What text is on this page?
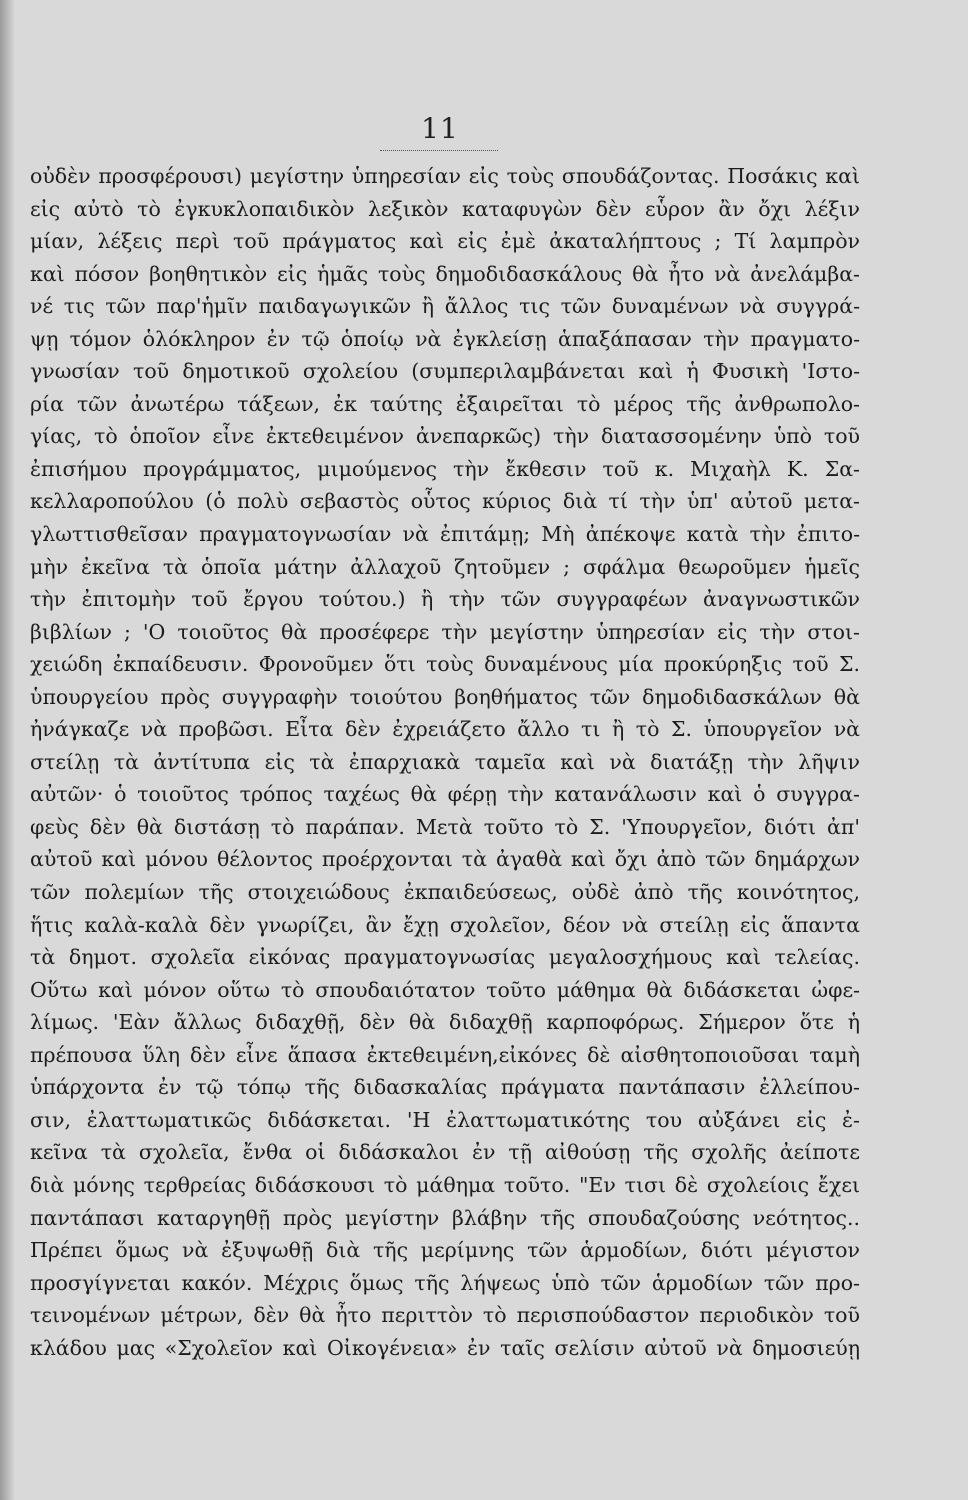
11
οὐδὲν προσφέρουσι) μεγίστην ὑπηρεσίαν εἰς τοὺς σπουδάζοντας. Ποσάκις καὶ
εἰς αὐτὸ τὸ ἐγκυκλοπαιδικὸν λεξικὸν καταφυγὼν δὲν εὗρον ἂν ὄχι λέξιν
μίαν, λέξεις περὶ τοῦ πράγματος καὶ εἰς ἐμὲ ἀκαταλήπτους ; Τί λαμπρὸν
καὶ πόσον βοηθητικὸν εἰς ἡμᾶς τοὺς δημοδιδασκάλους θὰ ἦτο νὰ ἀνελάμβα-
νέ τις τῶν παρ'ἡμῖν παιδαγωγικῶν ἢ ἄλλος τις τῶν δυναμένων νὰ συγγρά-
ψῃ τόμον ὁλόκληρον ἐν τῷ ὁποίῳ νὰ ἐγκλείσῃ ἁπαξάπασαν τὴν πραγματο-
γνωσίαν τοῦ δημοτικοῦ σχολείου (συμπεριλαμβάνεται καὶ ἡ Φυσικὴ 'Ιστο-
ρία τῶν ἀνωτέρω τάξεων, ἐκ ταύτης ἐξαιρεῖται τὸ μέρος τῆς ἀνθρωπολο-
γίας, τὸ ὁποῖον εἶνε ἐκτεθειμένον ἀνεπαρκῶς) τὴν διατασσομένην ὑπὸ τοῦ
ἐπισήμου προγράμματος, μιμούμενος τὴν ἔκθεσιν τοῦ κ. Μιχαὴλ Κ. Σα-
κελλαροπούλου (ὁ πολὺ σεβαστὸς οὗτος κύριος διὰ τί τὴν ὑπ' αὐτοῦ μετα-
γλωττισθεῖσαν πραγματογνωσίαν νὰ ἐπιτάμῃ; Μὴ ἀπέκοψε κατὰ τὴν ἐπιτο-
μὴν ἐκεῖνα τὰ ὁποῖα μάτην ἀλλαχοῦ ζητοῦμεν ; σφάλμα θεωροῦμεν ἡμεῖς
τὴν ἐπιτομὴν τοῦ ἔργου τούτου.) ἢ τὴν τῶν συγγραφέων ἀναγνωστικῶν
βιβλίων ; 'Ο τοιοῦτος θὰ προσέφερε τὴν μεγίστην ὑπηρεσίαν εἰς τὴν στοι-
χειώδη ἐκπαίδευσιν. Φρονοῦμεν ὅτι τοὺς δυναμένους μία προκύρηξις τοῦ Σ.
ὑπουργείου πρὸς συγγραφὴν τοιούτου βοηθήματος τῶν δημοδιδασκάλων θὰ
ἠνάγκαζε νὰ προβῶσι. Εἶτα δὲν ἐχρειάζετο ἄλλο τι ἢ τὸ Σ. ὑπουργεῖον νὰ
στείλῃ τὰ ἀντίτυπα εἰς τὰ ἐπαρχιακὰ ταμεῖα καὶ νὰ διατάξῃ τὴν λῆψιν
αὐτῶν· ὁ τοιοῦτος τρόπος ταχέως θὰ φέρῃ τὴν κατανάλωσιν καὶ ὁ συγγρα-
φεὺς δὲν θὰ διστάσῃ τὸ παράπαν. Μετὰ τοῦτο τὸ Σ. 'Υπουργεῖον, διότι ἀπ'
αὐτοῦ καὶ μόνου θέλοντος προέρχονται τὰ ἀγαθὰ καὶ ὄχι ἀπὸ τῶν δημάρχων
τῶν πολεμίων τῆς στοιχειώδους ἐκπαιδεύσεως, οὐδὲ ἀπὸ τῆς κοινότητος,
ἥτις καλὰ-καλὰ δὲν γνωρίζει, ἂν ἔχῃ σχολεῖον, δέον νὰ στείλῃ εἰς ἅπαντα
τὰ δημοτ. σχολεῖα εἰκόνας πραγματογνωσίας μεγαλοσχήμους καὶ τελείας.
Οὕτω καὶ μόνον οὕτω τὸ σπουδαιότατον τοῦτο μάθημα θὰ διδάσκεται ὠφε-
λίμως. 'Εὰν ἄλλως διδαχθῇ, δὲν θὰ διδαχθῇ καρποφόρως. Σήμερον ὅτε ἡ
πρέπουσα ὕλη δὲν εἶνε ἅπασα ἐκτεθειμένη,εἰκόνες δὲ αἰσθητοποιοῦσαι ταμὴ
ὑπάρχοντα ἐν τῷ τόπῳ τῆς διδασκαλίας πράγματα παντάπασιν ἐλλείπου-
σιν, ἐλαττωματικῶς διδάσκεται. 'Η ἐλαττωματικότης του αὐξάνει εἰς ἐ-
κεῖνα τὰ σχολεῖα, ἔνθα οἱ διδάσκαλοι ἐν τῇ αἰθούσῃ τῆς σχολῆς ἀείποτε
διὰ μόνης τερθρείας διδάσκουσι τὸ μάθημα τοῦτο. "Εν τισι δὲ σχολείοις ἔχει
παντάπασι καταργηθῇ πρὸς μεγίστην βλάβην τῆς σπουδαζούσης νεότητος..
Πρέπει ὅμως νὰ ἐξυψωθῇ διὰ τῆς μερίμνης τῶν ἁρμοδίων, διότι μέγιστον
προσγίγνεται κακόν. Μέχρις ὅμως τῆς λήψεως ὑπὸ τῶν ἁρμοδίων τῶν προ-
τεινομένων μέτρων, δὲν θὰ ἦτο περιττὸν τὸ περισπούδαστον περιοδικὸν τοῦ
κλάδου μας «Σχολεῖον καὶ Οἰκογένεια» ἐν ταῖς σελίσιν αὐτοῦ νὰ δημοσιεύῃ
